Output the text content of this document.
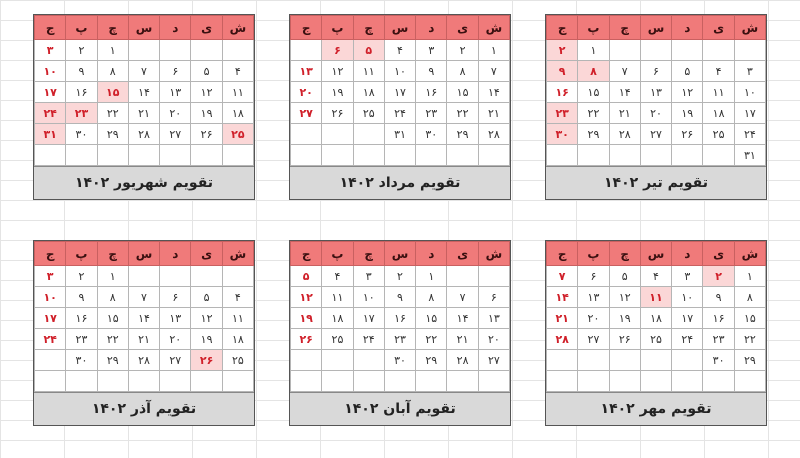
ش	ی	د	س	چ	پ	ج
					۱	۲
۳	۴	۵	۶	۷	۸	۹
۱۰	۱۱	۱۲	۱۳	۱۴	۱۵	۱۶
۱۷	۱۸	۱۹	۲۰	۲۱	۲۲	۲۳
۲۴	۲۵	۲۶	۲۷	۲۸	۲۹	۳۰
۳۱						
تقویم تیر ۱۴۰۲
ش	ی	د	س	چ	پ	ج
۱	۲	۳	۴	۵	۶	
۷	۸	۹	۱۰	۱۱	۱۲	۱۳
۱۴	۱۵	۱۶	۱۷	۱۸	۱۹	۲۰
۲۱	۲۲	۲۳	۲۴	۲۵	۲۶	۲۷
۲۸	۲۹	۳۰	۳۱			

تقویم مرداد ۱۴۰۲
ش	ی	د	س	چ	پ	ج
				۱	۲	۳
۴	۵	۶	۷	۸	۹	۱۰
۱۱	۱۲	۱۳	۱۴	۱۵	۱۶	۱۷
۱۸	۱۹	۲۰	۲۱	۲۲	۲۳	۲۴
۲۵	۲۶	۲۷	۲۸	۲۹	۳۰	۳۱

تقویم شهریور ۱۴۰۲
ش	ی	د	س	چ	پ	ج
۱	۲	۳	۴	۵	۶	۷
۸	۹	۱۰	۱۱	۱۲	۱۳	۱۴
۱۵	۱۶	۱۷	۱۸	۱۹	۲۰	۲۱
۲۲	۲۳	۲۴	۲۵	۲۶	۲۷	۲۸
۲۹	۳۰					

تقویم مهر ۱۴۰۲
ش	ی	د	س	چ	پ	ج
		۱	۲	۳	۴	۵
۶	۷	۸	۹	۱۰	۱۱	۱۲
۱۳	۱۴	۱۵	۱۶	۱۷	۱۸	۱۹
۲۰	۲۱	۲۲	۲۳	۲۴	۲۵	۲۶
۲۷	۲۸	۲۹	۳۰			

تقویم آبان ۱۴۰۲
ش	ی	د	س	چ	پ	ج
				۱	۲	۳
۴	۵	۶	۷	۸	۹	۱۰
۱۱	۱۲	۱۳	۱۴	۱۵	۱۶	۱۷
۱۸	۱۹	۲۰	۲۱	۲۲	۲۳	۲۴
۲۵	۲۶	۲۷	۲۸	۲۹	۳۰	

تقویم آذر ۱۴۰۲
